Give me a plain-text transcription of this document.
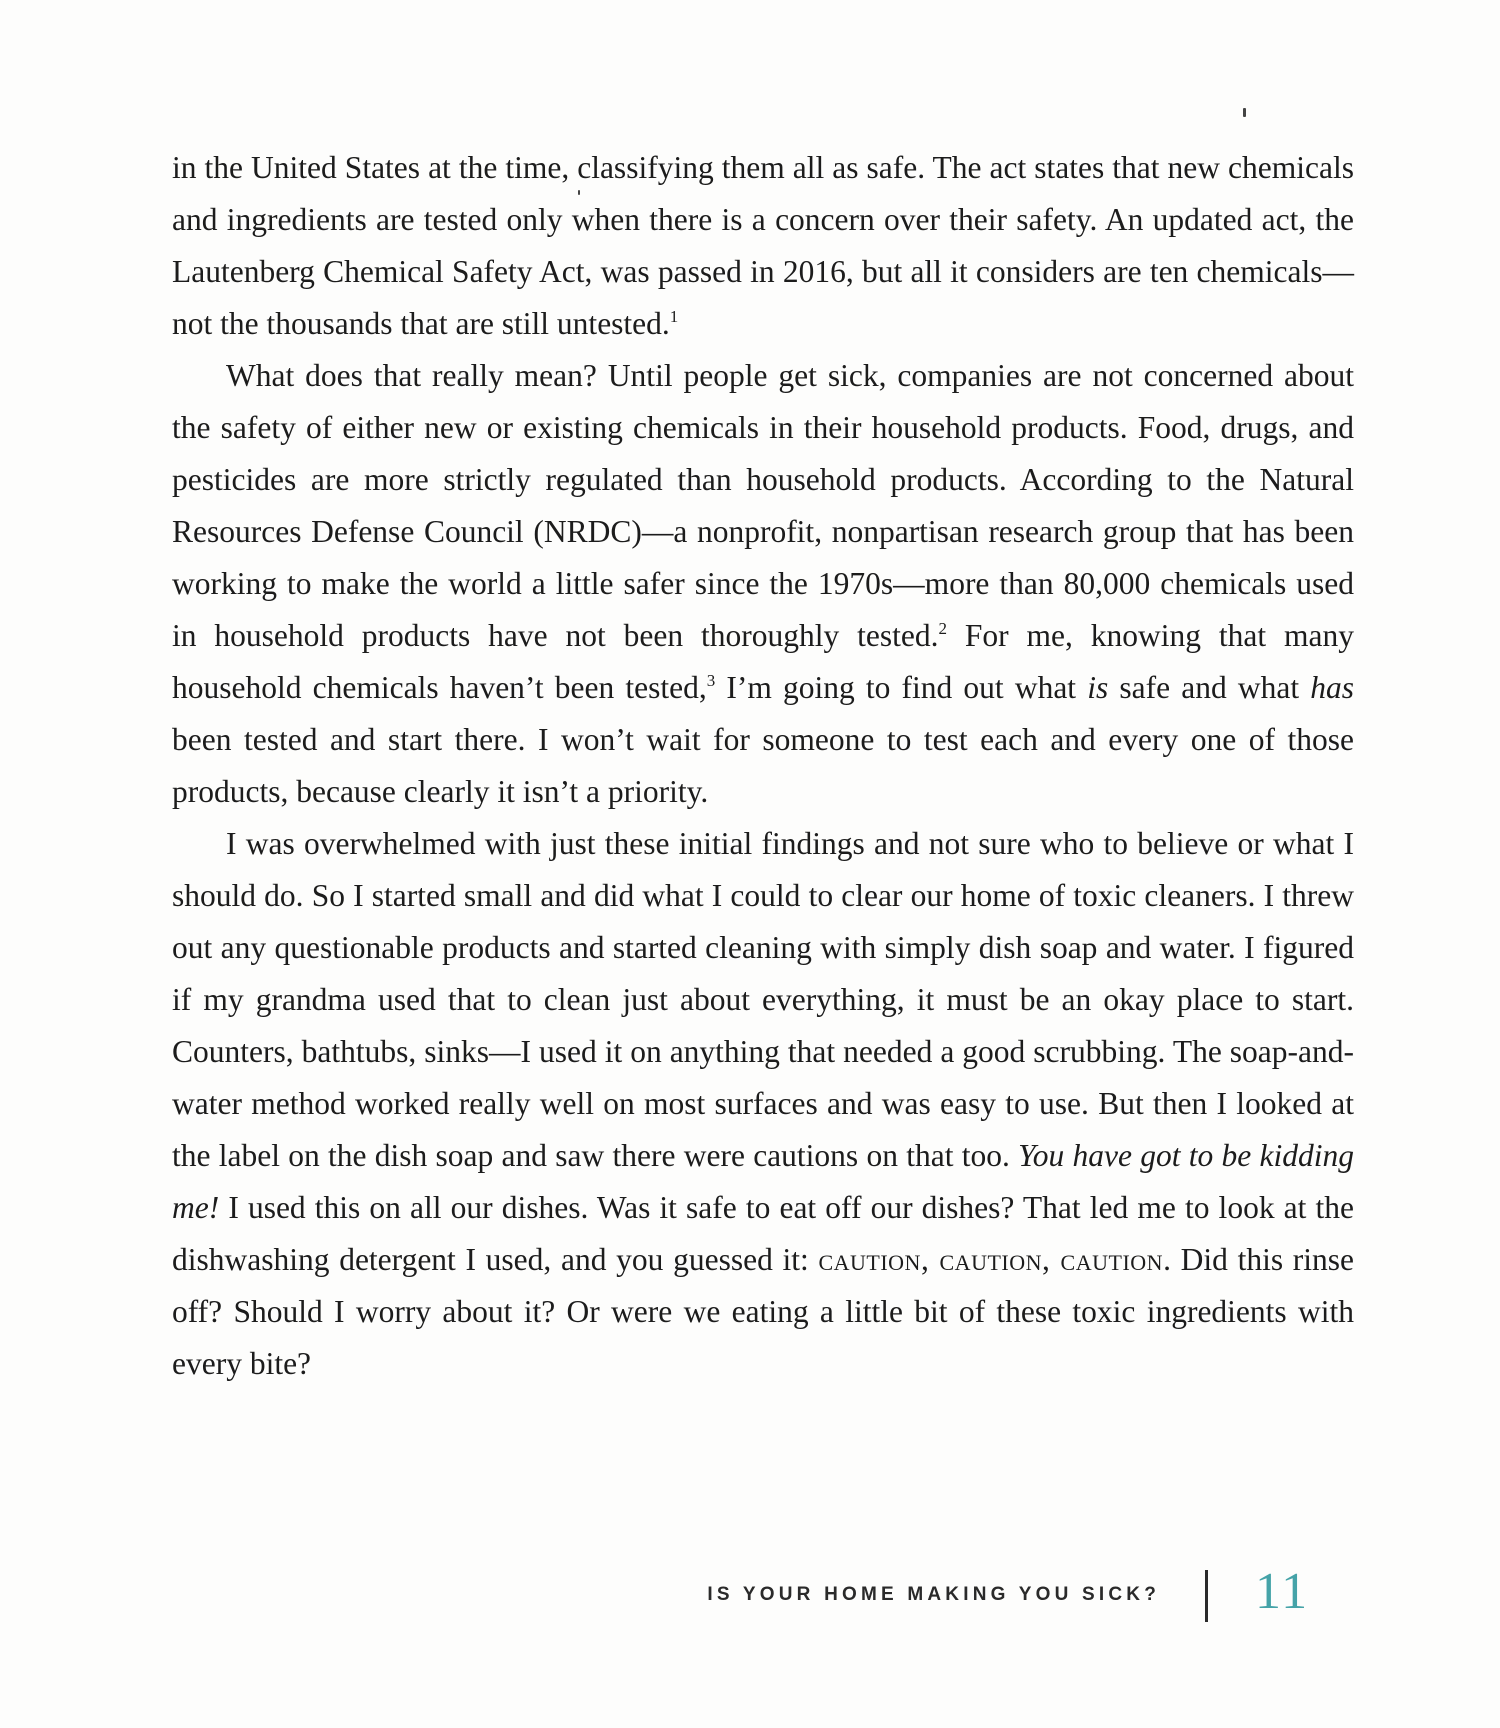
in the United States at the time, classifying them all as safe. The act states that new chemicals and ingredients are tested only when there is a concern over their safety. An updated act, the Lautenberg Chemical Safety Act, was passed in 2016, but all it considers are ten chemicals—not the thousands that are still untested.$^1$

What does that really mean? Until people get sick, companies are not concerned about the safety of either new or existing chemicals in their household products. Food, drugs, and pesticides are more strictly regulated than household products. According to the Natural Resources Defense Council (NRDC)—a nonprofit, nonpartisan research group that has been working to make the world a little safer since the 1970s—more than 80,000 chemicals used in household products have not been thoroughly tested.$^2$ For me, knowing that many household chemicals haven’t been tested,$^3$ I’m going to find out what is safe and what has been tested and start there. I won’t wait for someone to test each and every one of those products, because clearly it isn’t a priority.

I was overwhelmed with just these initial findings and not sure who to believe or what I should do. So I started small and did what I could to clear our home of toxic cleaners. I threw out any questionable products and started cleaning with simply dish soap and water. I figured if my grandma used that to clean just about everything, it must be an okay place to start. Counters, bathtubs, sinks—I used it on anything that needed a good scrubbing. The soap-and-water method worked really well on most surfaces and was easy to use. But then I looked at the label on the dish soap and saw there were cautions on that too. You have got to be kidding me! I used this on all our dishes. Was it safe to eat off our dishes? That led me to look at the dishwashing detergent I used, and you guessed it: caution, caution, caution. Did this rinse off? Should I worry about it? Or were we eating a little bit of these toxic ingredients with every bite?

IS YOUR HOME MAKING YOU SICK? 11
